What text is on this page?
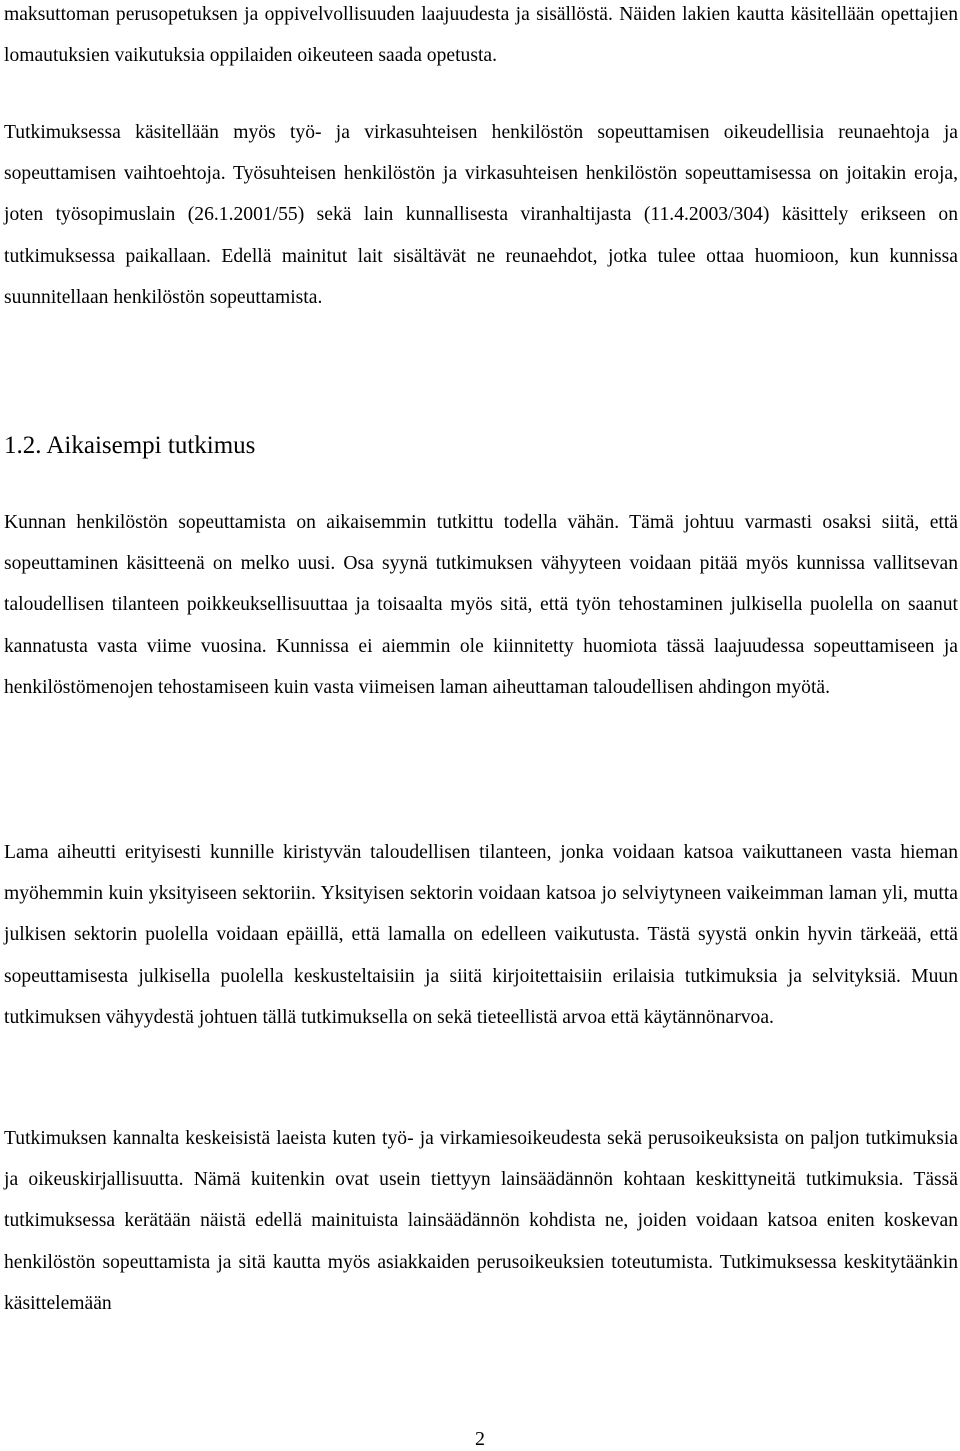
maksuttoman perusopetuksen ja oppivelvollisuuden laajuudesta ja sisällöstä. Näiden lakien kautta käsitellään opettajien lomautuksien vaikutuksia oppilaiden oikeuteen saada opetusta.

Tutkimuksessa käsitellään myös työ- ja virkasuhteisen henkilöstön sopeuttamisen oikeudellisia reunaehtoja ja sopeuttamisen vaihtoehtoja. Työsuhteisen henkilöstön ja virkasuhteisen henkilöstön sopeuttamisessa on joitakin eroja, joten työsopimuslain (26.1.2001/55) sekä lain kunnallisesta viranhaltijasta (11.4.2003/304) käsittely erikseen on tutkimuksessa paikallaan. Edellä mainitut lait sisältävät ne reunaehdot, jotka tulee ottaa huomioon, kun kunnissa suunnitellaan henkilöstön sopeuttamista.

1.2. Aikaisempi tutkimus

Kunnan henkilöstön sopeuttamista on aikaisemmin tutkittu todella vähän. Tämä johtuu varmasti osaksi siitä, että sopeuttaminen käsitteenä on melko uusi. Osa syynä tutkimuksen vähyyteen voidaan pitää myös kunnissa vallitsevan taloudellisen tilanteen poikkeuksellisuuttaa ja toisaalta myös sitä, että työn tehostaminen julkisella puolella on saanut kannatusta vasta viime vuosina. Kunnissa ei aiemmin ole kiinnitetty huomiota tässä laajuudessa sopeuttamiseen ja henkilöstömenojen tehostamiseen kuin vasta viimeisen laman aiheuttaman taloudellisen ahdingon myötä.

Lama aiheutti erityisesti kunnille kiristyvän taloudellisen tilanteen, jonka voidaan katsoa vaikuttaneen vasta hieman myöhemmin kuin yksityiseen sektoriin. Yksityisen sektorin voidaan katsoa jo selviytyneen vaikeimman laman yli, mutta julkisen sektorin puolella voidaan epäillä, että lamalla on edelleen vaikutusta. Tästä syystä onkin hyvin tärkeää, että sopeuttamisesta julkisella puolella keskusteltaisiin ja siitä kirjoitettaisiin erilaisia tutkimuksia ja selvityksiä. Muun tutkimuksen vähyydestä johtuen tällä tutkimuksella on sekä tieteellistä arvoa että käytännönarvoa.

Tutkimuksen kannalta keskeisistä laeista kuten työ- ja virkamiesoikeudesta sekä perusoikeuksista on paljon tutkimuksia ja oikeuskirjallisuutta. Nämä kuitenkin ovat usein tiettyyn lainsäädännön kohtaan keskittyneitä tutkimuksia. Tässä tutkimuksessa kerätään näistä edellä mainituista lainsäädännön kohdista ne, joiden voidaan katsoa eniten koskevan henkilöstön sopeuttamista ja sitä kautta myös asiakkaiden perusoikeuksien toteutumista. Tutkimuksessa keskitytäänkin käsittelemään

2
